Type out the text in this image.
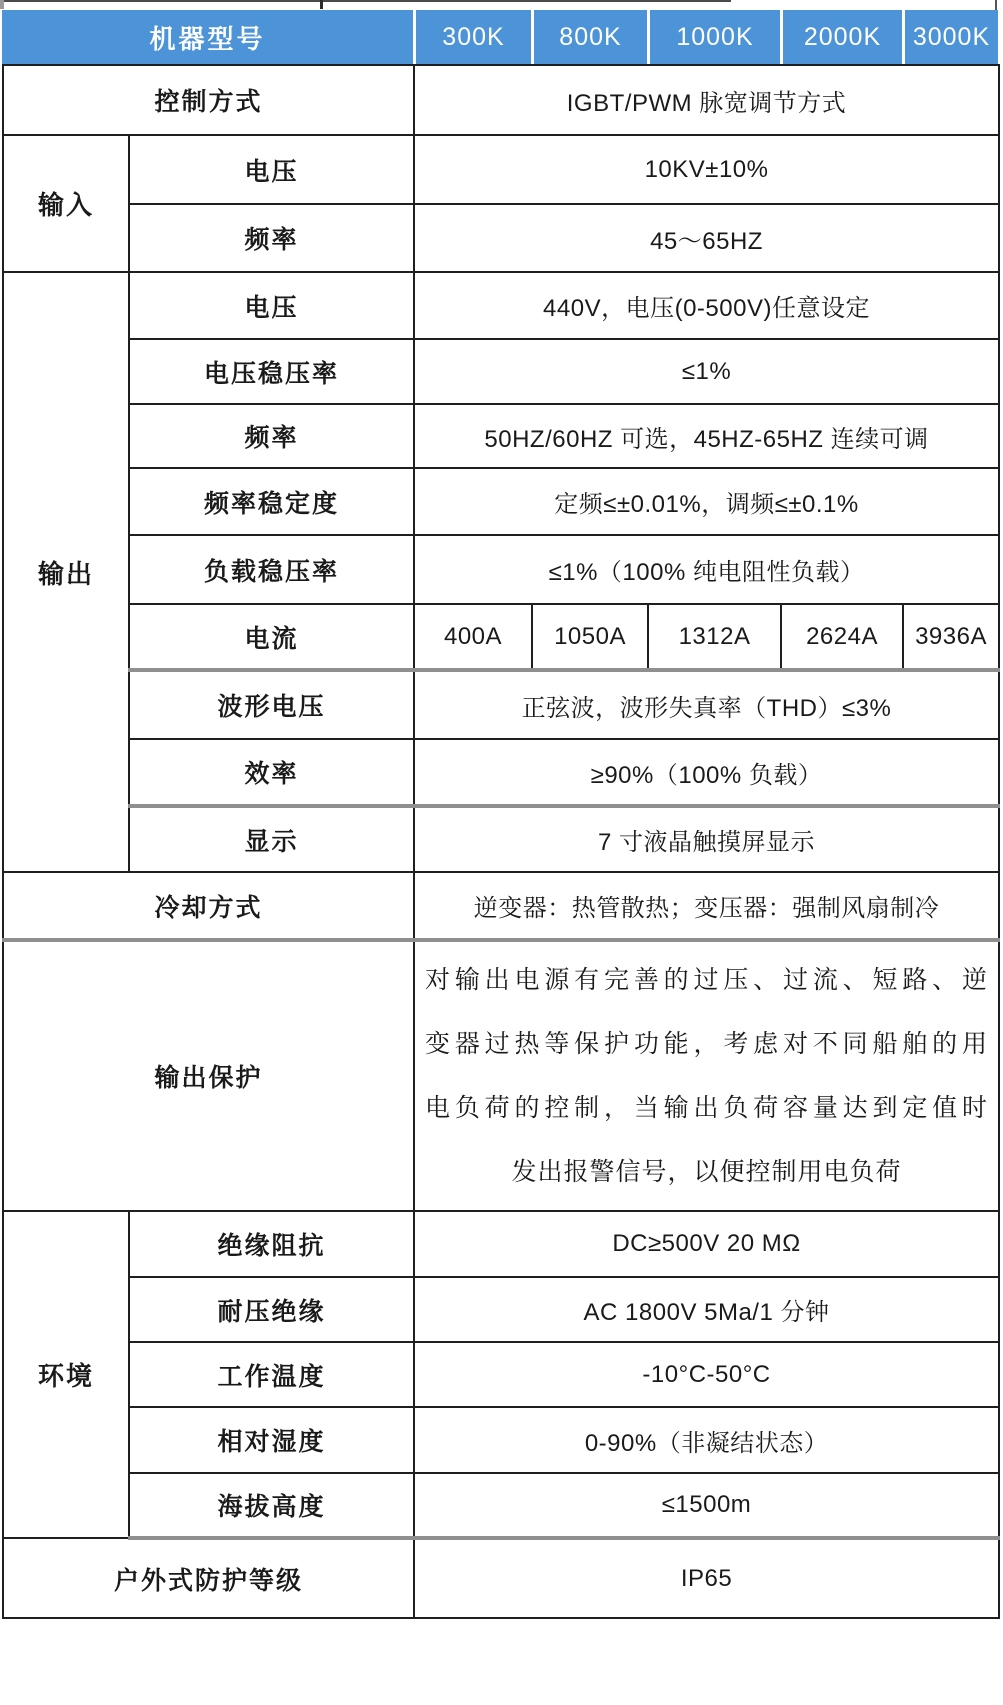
机器型号	300K	800K	1000K	2000K	3000K
控制方式		IGBT/PWM 脉宽调节方式				
输入	电压	10KV±10%				
	频率	45～65HZ				
输出	电压	440V，电压(0-500V)任意设定				
	电压稳压率	≤1%				
	频率	50HZ/60HZ 可选，45HZ-65HZ 连续可调				
	频率稳定度	定频≤±0.01%，调频≤±0.1%				
	负载稳压率	≤1%（100% 纯电阻性负载）				
	电流	400A	1050A	1312A	2624A	3936A
	波形电压	正弦波，波形失真率（THD）≤3%				
	效率	≥90%（100% 负载）				
	显示	7 寸液晶触摸屏显示				
冷却方式		逆变器：热管散热；变压器：强制风扇制冷				
输出保护		对输出电源有完善的过压、过流、短路、逆
变器过热等保护功能，考虑对不同船舶的用
电负荷的控制，当输出负荷容量达到定值时
发出报警信号，以便控制用电负荷				

环境	绝缘阻抗	DC≥500V 20 MΩ				
	耐压绝缘	AC 1800V 5Ma/1 分钟				
	工作温度	-10°C-50°C				
	相对湿度	0-90%（非凝结状态）				
	海拔高度	≤1500m				
户外式防护等级		IP65				
